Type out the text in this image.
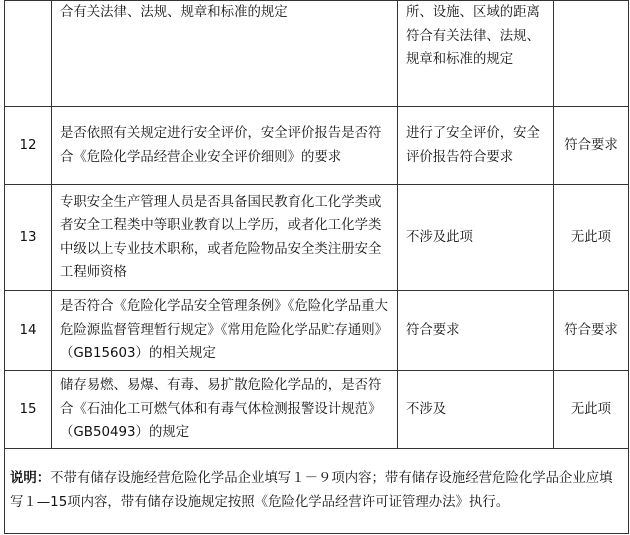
	合有关法律、法规、规章和标准的规定	所、设施、区域的距离符合有关法律、法规、规章和标准的规定	
12	是否依照有关规定进行安全评价，安全评价报告是否符合《危险化学品经营企业安全评价细则》的要求	进行了安全评价，安全评价报告符合要求	符合要求
13	专职安全生产管理人员是否具备国民教育化工化学类或者安全工程类中等职业教育以上学历，或者化工化学类中级以上专业技术职称，或者危险物品安全类注册安全工程师资格	不涉及此项	无此项
14	是否符合《危险化学品安全管理条例》《危险化学品重大危险源监督管理暂行规定》《常用危险化学品贮存通则》（GB15603）的相关规定	符合要求	符合要求
15	储存易燃、易爆、有毒、易扩散危险化学品的，是否符合《石油化工可燃气体和有毒气体检测报警设计规范》（GB50493）的规定	不涉及	无此项
说明：不带有储存设施经营危险化学品企业填写１－９项内容；带有储存设施经营危险化学品企业应填写１—15项内容，带有储存设施规定按照《危险化学品经营许可证管理办法》执行。			
